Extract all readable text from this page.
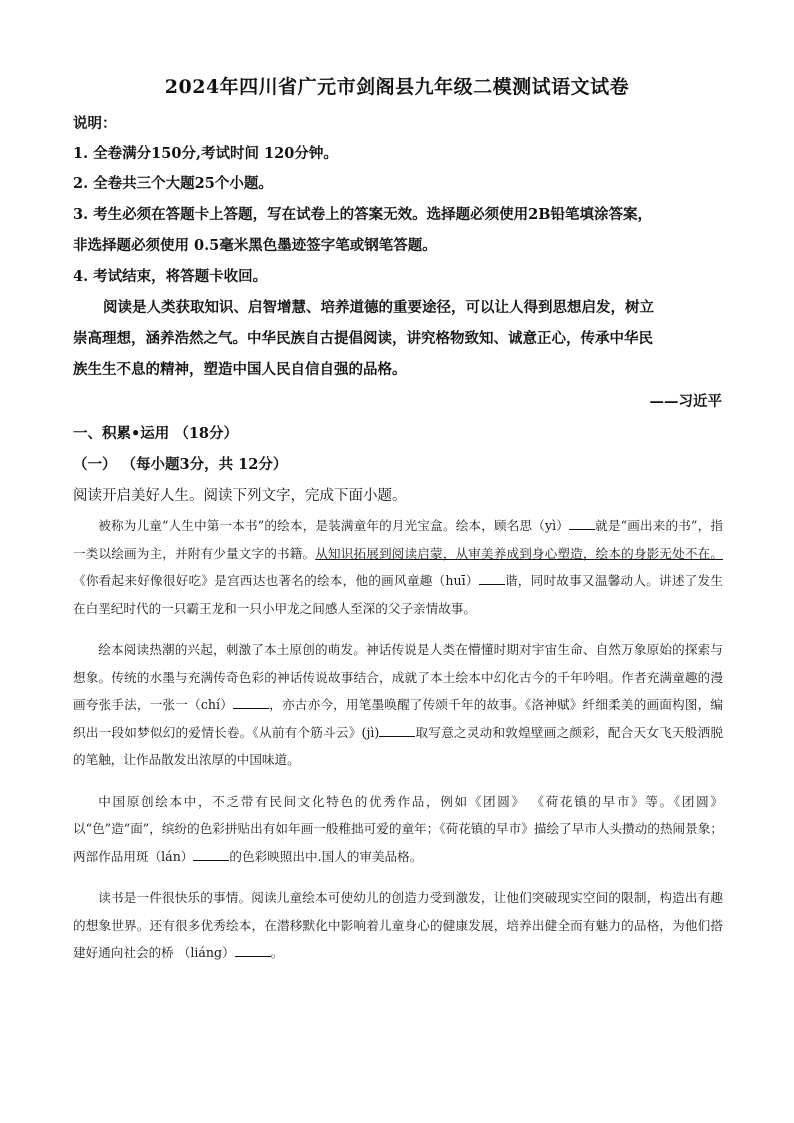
2024年四川省广元市剑阁县九年级二模测试语文试卷
说明：
1. 全卷满分150分,考试时间 120分钟。
2. 全卷共三个大题25个小题。
3. 考生必须在答题卡上答题，写在试卷上的答案无效。选择题必须使用2B铅笔填涂答案，
非选择题必须使用 0.5毫米黑色墨迹签字笔或钢笔答题。
4. 考试结束，将答题卡收回。
阅读是人类获取知识、启智增慧、培养道德的重要途径，可以让人得到思想启发，树立
崇高理想，涵养浩然之气。中华民族自古提倡阅读，讲究格物致知、诚意正心，传承中华民
族生生不息的精神，塑造中国人民自信自强的品格。
——习近平
一、积累•运用 （18分）
（一） （每小题3分，共 12分）
阅读开启美好人生。阅读下列文字，完成下面小题。

被称为儿童“人生中第一本书”的绘本，是装满童年的月光宝盒。绘本，顾名思（yì） 就是“画出来的书”，指一类以绘画为主，并附有少量文字的书籍。从知识拓展到阅读启蒙，从审美养成到身心塑造，绘本的身影无处不在。《你看起来好像很好吃》是宫西达也著名的绘本，他的画风童趣（huī） 谐，同时故事又温馨动人。讲述了发生在白垩纪时代的一只霸王龙和一只小甲龙之间感人至深的父子亲情故事。

绘本阅读热潮的兴起，刺激了本土原创的萌发。神话传说是人类在懵懂时期对宇宙生命、自然万象原始的探索与想象。传统的水墨与充满传奇色彩的神话传说故事结合，成就了本土绘本中幻化古今的千年吟唱。作者充满童趣的漫画夸张手法，一张一（chí）	，亦古亦今，用笔墨唤醒了传颂千年的故事。《洛神赋》纤细柔美的画面构图，编织出一段如梦似幻的爱情长卷。《从前有个筋斗云》(jì)	取写意之灵动和敦煌壁画之颜彩，配合天女飞天般洒脱的笔触，让作品散发出浓厚的中国味道。

中国原创绘本中，不乏带有民间文化特色的优秀作品，例如《团圆》 《荷花镇的早市》等。《团圆》以“色”造“面”，缤纷的色彩拼贴出有如年画一般稚拙可爱的童年；《荷花镇的早市》描绘了早市人头攒动的热闹景象；两部作品用斑（lán）	的色彩映照出中.国人的审美品格。

读书是一件很快乐的事情。阅读儿童绘本可使幼儿的创造力受到激发，让他们突破现实空间的限制，构造出有趣的想象世界。还有很多优秀绘本，在潜移默化中影响着儿童身心的健康发展，培养出健全而有魅力的品格，为他们搭建好通向社会的桥 （liáng）	。
